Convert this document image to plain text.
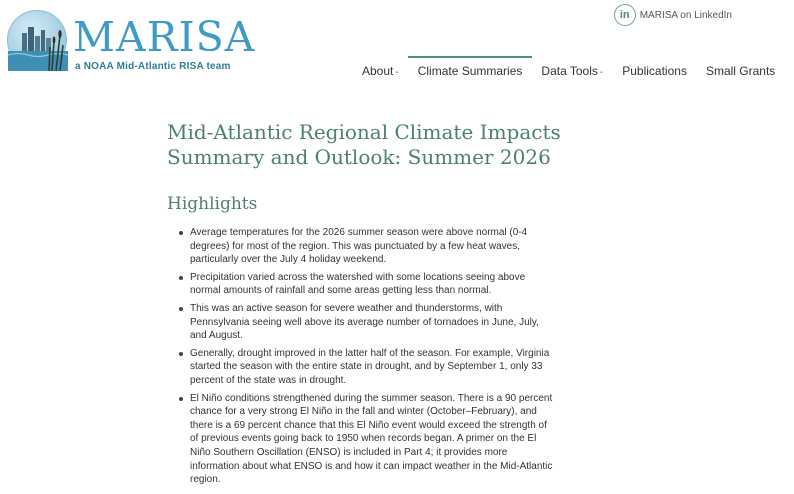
MARISA
a NOAA Mid-Atlantic RISA team
in	MARISA on LinkedIn
About - Climate Summaries Data Tools - Publications Small Grants
Mid-Atlantic Regional Climate Impacts Summary and Outlook: Summer 2026
Highlights
Average temperatures for the 2026 summer season were above normal (0-4 degrees) for most of the region. This was punctuated by a few heat waves, particularly over the July 4 holiday weekend.
Precipitation varied across the watershed with some locations seeing above normal amounts of rainfall and some areas getting less than normal.
This was an active season for severe weather and thunderstorms, with Pennsylvania seeing well above its average number of tornadoes in June, July, and August.
Generally, drought improved in the latter half of the season. For example, Virginia started the season with the entire state in drought, and by September 1, only 33 percent of the state was in drought.
El Niño conditions strengthened during the summer season. There is a 90 percent chance for a very strong El Niño in the fall and winter (October–February), and there is a 69 percent chance that this El Niño event would exceed the strength of of previous events going back to 1950 when records began. A primer on the El Niño Southern Oscillation (ENSO) is included in Part 4; it provides more information about what ENSO is and how it can impact weather in the Mid-Atlantic region.
